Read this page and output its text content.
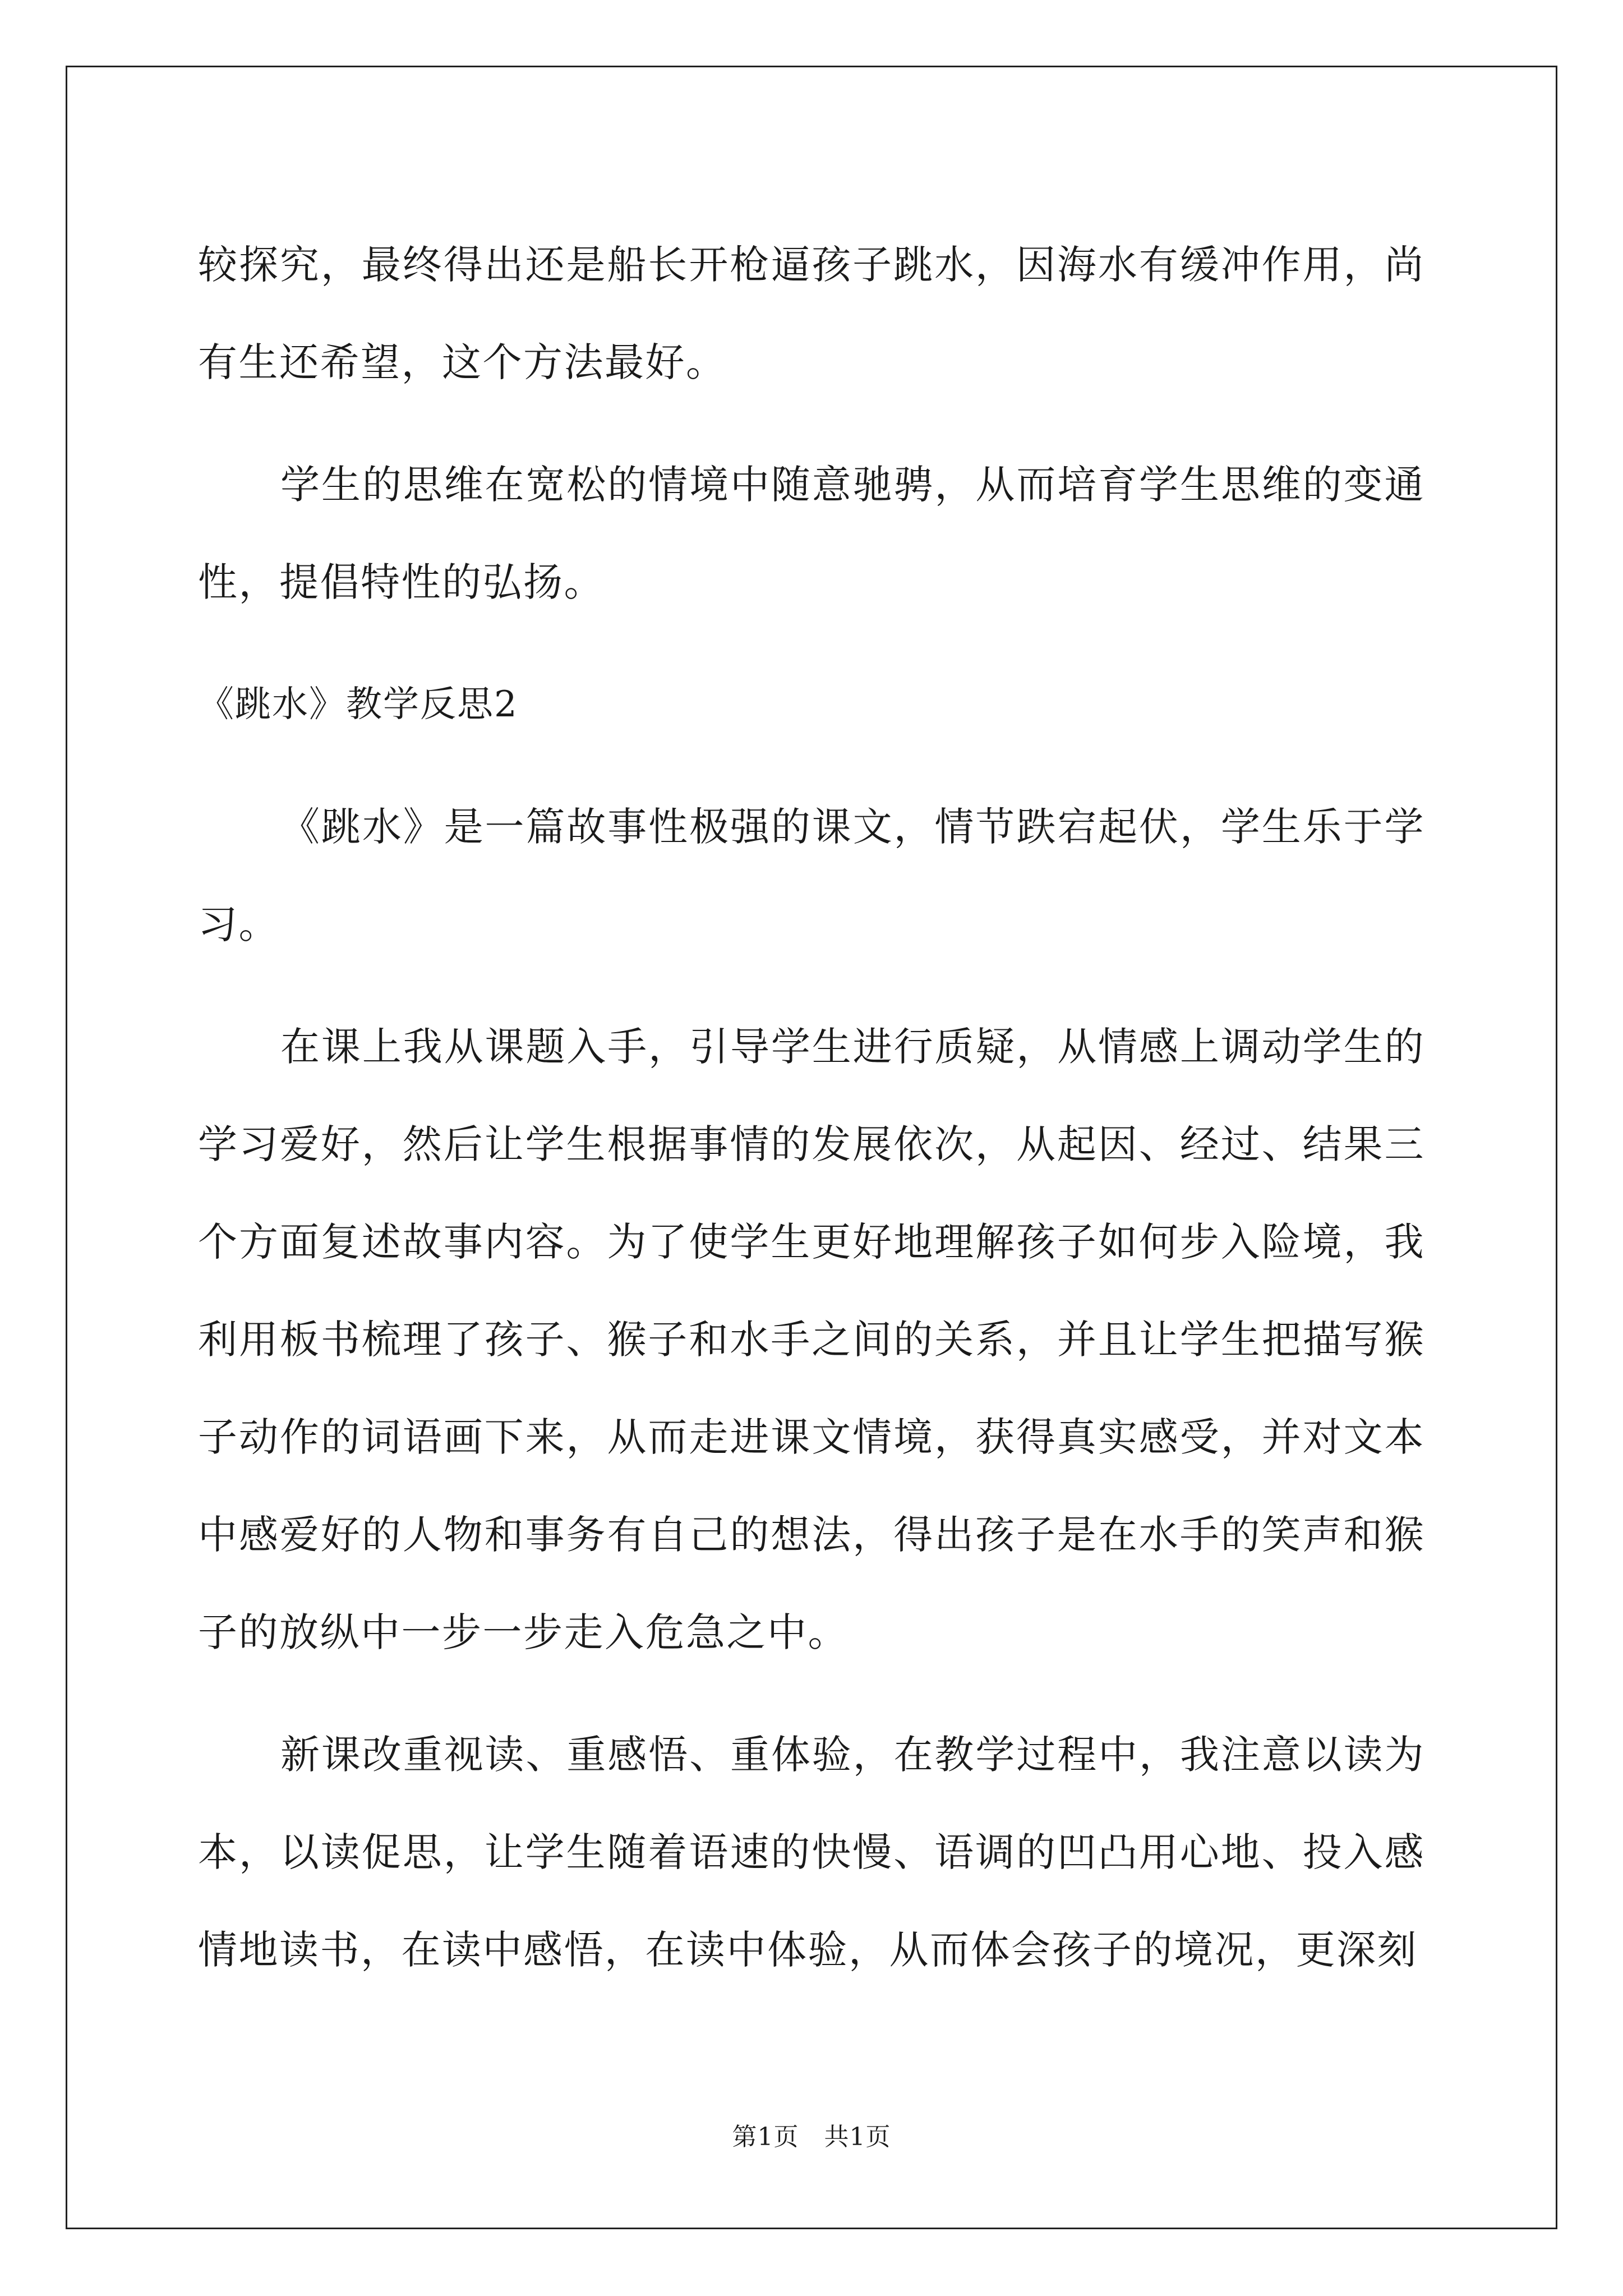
较探究，最终得出还是船长开枪逼孩子跳水，因海水有缓冲作用，尚有生还希望，这个方法最好。

学生的思维在宽松的情境中随意驰骋，从而培育学生思维的变通性，提倡特性的弘扬。

《跳水》教学反思2

《跳水》是一篇故事性极强的课文，情节跌宕起伏，学生乐于学习。

在课上我从课题入手，引导学生进行质疑，从情感上调动学生的学习爱好，然后让学生根据事情的发展依次，从起因、经过、结果三个方面复述故事内容。为了使学生更好地理解孩子如何步入险境，我利用板书梳理了孩子、猴子和水手之间的关系，并且让学生把描写猴子动作的词语画下来，从而走进课文情境，获得真实感受，并对文本中感爱好的人物和事务有自己的想法，得出孩子是在水手的笑声和猴子的放纵中一步一步走入危急之中。

新课改重视读、重感悟、重体验，在教学过程中，我注意以读为本，以读促思，让学生随着语速的快慢、语调的凹凸用心地、投入感情地读书，在读中感悟，在读中体验，从而体会孩子的境况，更深刻

第1页　共1页
